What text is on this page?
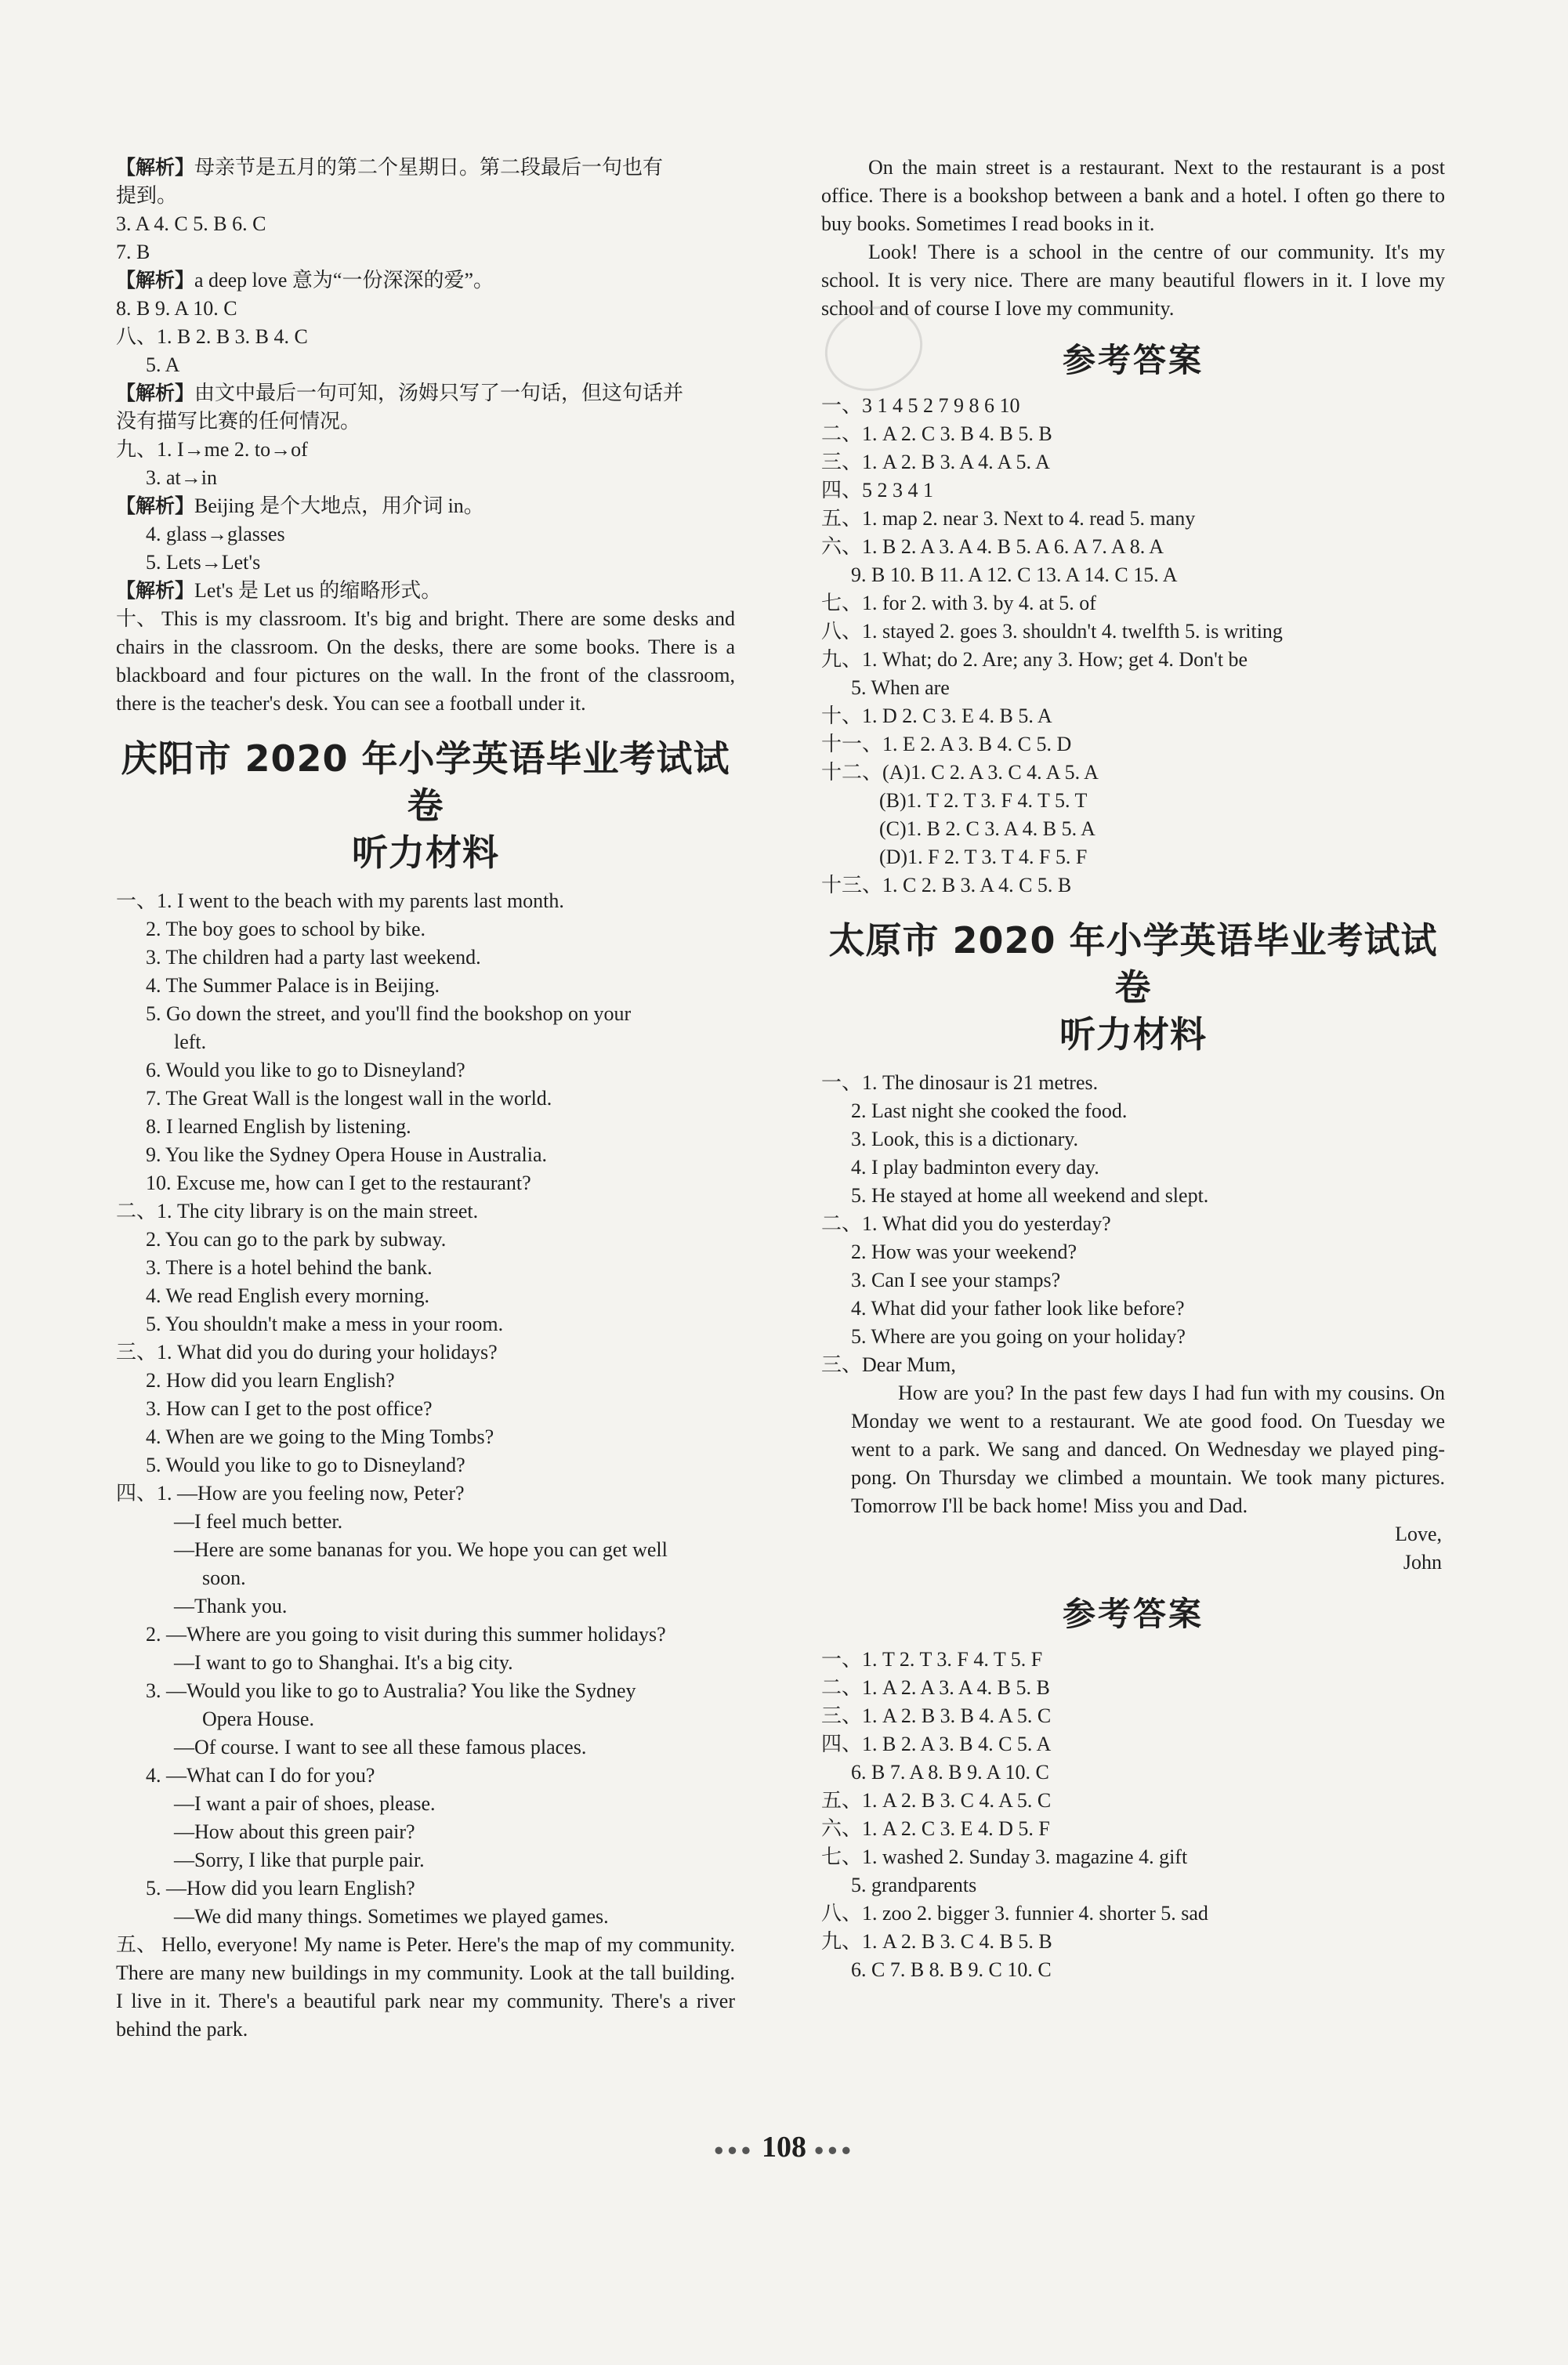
【解析】母亲节是五月的第二个星期日。第二段最后一句也有
提到。
3. A 4. C 5. B 6. C
7. B
【解析】a deep love 意为“一份深深的爱”。
8. B 9. A 10. C
八、1. B 2. B 3. B 4. C
5. A
【解析】由文中最后一句可知，汤姆只写了一句话，但这句话并
没有描写比赛的任何情况。
九、1. I→me 2. to→of
3. at→in
【解析】Beijing 是个大地点，用介词 in。
4. glass→glasses
5. Lets→Let's
【解析】Let's 是 Let us 的缩略形式。
十、 This is my classroom. It's big and bright. There are some desks and chairs in the classroom. On the desks, there are some books. There is a blackboard and four pictures on the wall. In the front of the classroom, there is the teacher's desk. You can see a football under it.
庆阳市 2020 年小学英语毕业考试试卷
听力材料
一、1. I went to the beach with my parents last month.
2. The boy goes to school by bike.
3. The children had a party last weekend.
4. The Summer Palace is in Beijing.
5. Go down the street, and you'll find the bookshop on your
left.
6. Would you like to go to Disneyland?
7. The Great Wall is the longest wall in the world.
8. I learned English by listening.
9. You like the Sydney Opera House in Australia.
10. Excuse me, how can I get to the restaurant?
二、1. The city library is on the main street.
2. You can go to the park by subway.
3. There is a hotel behind the bank.
4. We read English every morning.
5. You shouldn't make a mess in your room.
三、1. What did you do during your holidays?
2. How did you learn English?
3. How can I get to the post office?
4. When are we going to the Ming Tombs?
5. Would you like to go to Disneyland?
四、1. —How are you feeling now, Peter?
—I feel much better.
—Here are some bananas for you. We hope you can get well
soon.
—Thank you.
2. —Where are you going to visit during this summer holidays?
—I want to go to Shanghai. It's a big city.
3. —Would you like to go to Australia? You like the Sydney
Opera House.
—Of course. I want to see all these famous places.
4. —What can I do for you?
—I want a pair of shoes, please.
—How about this green pair?
—Sorry, I like that purple pair.
5. —How did you learn English?
—We did many things. Sometimes we played games.
五、 Hello, everyone! My name is Peter. Here's the map of my community. There are many new buildings in my community. Look at the tall building. I live in it. There's a beautiful park near my community. There's a river behind the park.
On the main street is a restaurant. Next to the restaurant is a post office. There is a bookshop between a bank and a hotel. I often go there to buy books. Sometimes I read books in it.
Look! There is a school in the centre of our community. It's my school. It is very nice. There are many beautiful flowers in it. I love my school and of course I love my community.
参考答案
一、3 1 4 5 2 7 9 8 6 10
二、1. A 2. C 3. B 4. B 5. B
三、1. A 2. B 3. A 4. A 5. A
四、5 2 3 4 1
五、1. map 2. near 3. Next to 4. read 5. many
六、1. B 2. A 3. A 4. B 5. A 6. A 7. A 8. A
9. B 10. B 11. A 12. C 13. A 14. C 15. A
七、1. for 2. with 3. by 4. at 5. of
八、1. stayed 2. goes 3. shouldn't 4. twelfth 5. is writing
九、1. What; do 2. Are; any 3. How; get 4. Don't be
5. When are
十、1. D 2. C 3. E 4. B 5. A
十一、1. E 2. A 3. B 4. C 5. D
十二、(A)1. C 2. A 3. C 4. A 5. A
(B)1. T 2. T 3. F 4. T 5. T
(C)1. B 2. C 3. A 4. B 5. A
(D)1. F 2. T 3. T 4. F 5. F
十三、1. C 2. B 3. A 4. C 5. B
太原市 2020 年小学英语毕业考试试卷
听力材料
一、1. The dinosaur is 21 metres.
2. Last night she cooked the food.
3. Look, this is a dictionary.
4. I play badminton every day.
5. He stayed at home all weekend and slept.
二、1. What did you do yesterday?
2. How was your weekend?
3. Can I see your stamps?
4. What did your father look like before?
5. Where are you going on your holiday?
三、Dear Mum,
How are you? In the past few days I had fun with my cousins. On Monday we went to a restaurant. We ate good food. On Tuesday we went to a park. We sang and danced. On Wednesday we played ping-pong. On Thursday we climbed a mountain. We took many pictures. Tomorrow I'll be back home! Miss you and Dad.
Love,
John
参考答案
一、1. T 2. T 3. F 4. T 5. F
二、1. A 2. A 3. A 4. B 5. B
三、1. A 2. B 3. B 4. A 5. C
四、1. B 2. A 3. B 4. C 5. A
6. B 7. A 8. B 9. A 10. C
五、1. A 2. B 3. C 4. A 5. C
六、1. A 2. C 3. E 4. D 5. F
七、1. washed 2. Sunday 3. magazine 4. gift
5. grandparents
八、1. zoo 2. bigger 3. funnier 4. shorter 5. sad
九、1. A 2. B 3. C 4. B 5. B
6. C 7. B 8. B 9. C 10. C
●●● 108 ●●●
